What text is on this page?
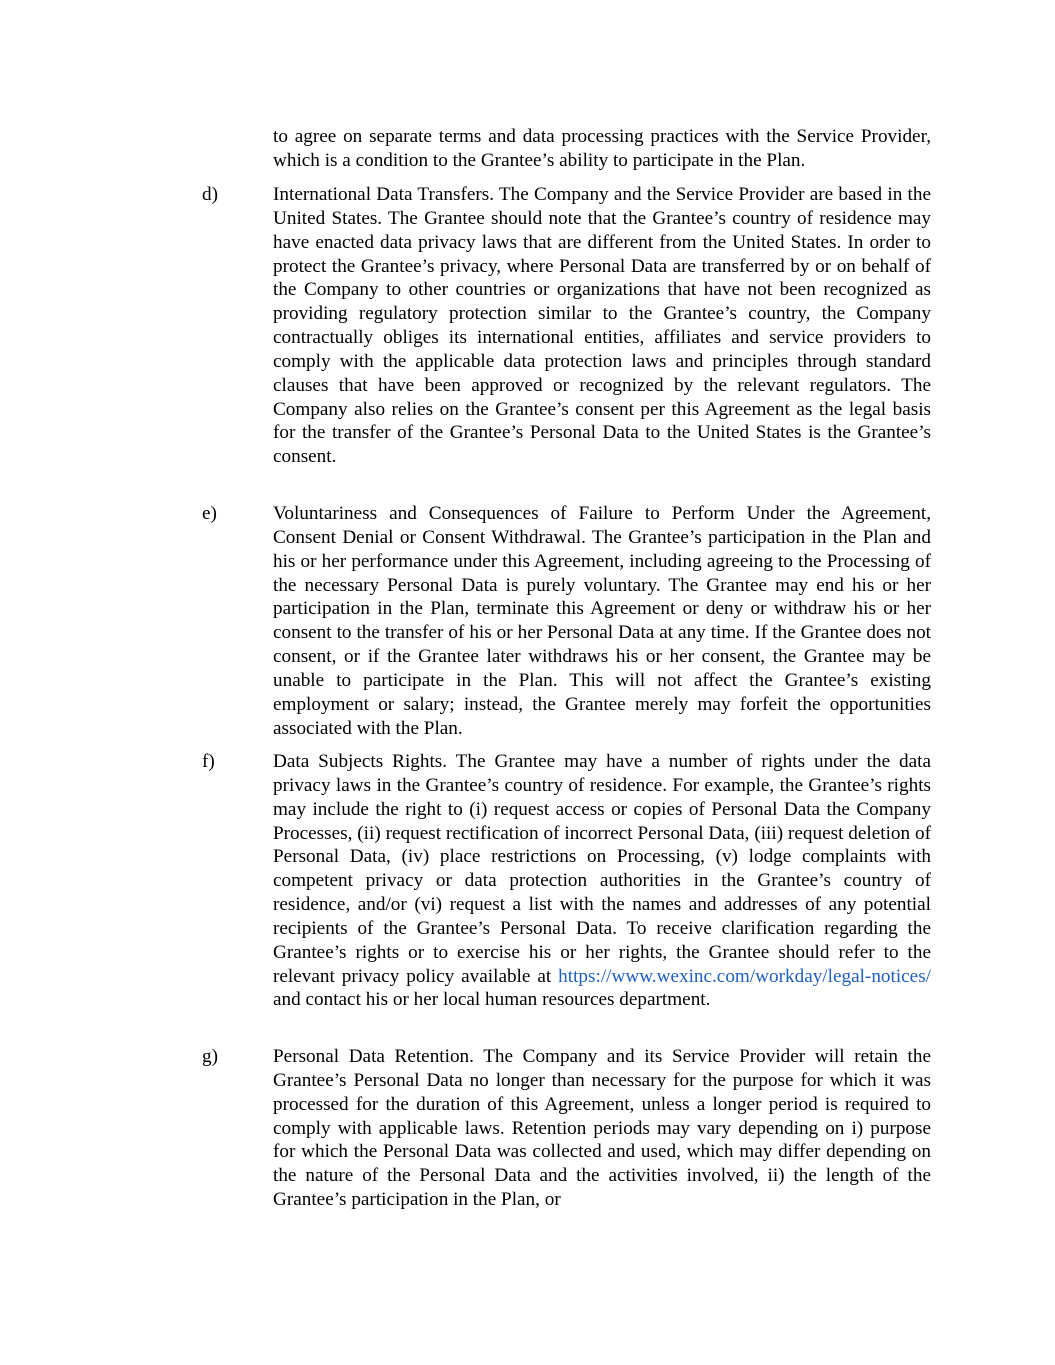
to agree on separate terms and data processing practices with the Service Provider, which is a condition to the Grantee’s ability to participate in the Plan.

d)	International Data Transfers. The Company and the Service Provider are based in the United States. The Grantee should note that the Grantee’s country of residence may have enacted data privacy laws that are different from the United States. In order to protect the Grantee’s privacy, where Personal Data are transferred by or on behalf of the Company to other countries or organizations that have not been recognized as providing regulatory protection similar to the Grantee’s country, the Company contractually obliges its international entities, affiliates and service providers to comply with the applicable data protection laws and principles through standard clauses that have been approved or recognized by the relevant regulators. The Company also relies on the Grantee’s consent per this Agreement as the legal basis for the transfer of the Grantee’s Personal Data to the United States is the Grantee’s consent.

e)	Voluntariness and Consequences of Failure to Perform Under the Agreement, Consent Denial or Consent Withdrawal. The Grantee’s participation in the Plan and his or her performance under this Agreement, including agreeing to the Processing of the necessary Personal Data is purely voluntary. The Grantee may end his or her participation in the Plan, terminate this Agreement or deny or withdraw his or her consent to the transfer of his or her Personal Data at any time. If the Grantee does not consent, or if the Grantee later withdraws his or her consent, the Grantee may be unable to participate in the Plan. This will not affect the Grantee’s existing employment or salary; instead, the Grantee merely may forfeit the opportunities associated with the Plan.

f)	Data Subjects Rights. The Grantee may have a number of rights under the data privacy laws in the Grantee’s country of residence. For example, the Grantee’s rights may include the right to (i) request access or copies of Personal Data the Company Processes, (ii) request rectification of incorrect Personal Data, (iii) request deletion of Personal Data, (iv) place restrictions on Processing, (v) lodge complaints with competent privacy or data protection authorities in the Grantee’s country of residence, and/or (vi) request a list with the names and addresses of any potential recipients of the Grantee’s Personal Data. To receive clarification regarding the Grantee’s rights or to exercise his or her rights, the Grantee should refer to the relevant privacy policy available at https://www.wexinc.com/workday/legal-notices/ and contact his or her local human resources department.

g)	Personal Data Retention. The Company and its Service Provider will retain the Grantee’s Personal Data no longer than necessary for the purpose for which it was processed for the duration of this Agreement, unless a longer period is required to comply with applicable laws. Retention periods may vary depending on i) purpose for which the Personal Data was collected and used, which may differ depending on the nature of the Personal Data and the activities involved, ii) the length of the Grantee’s participation in the Plan, or
